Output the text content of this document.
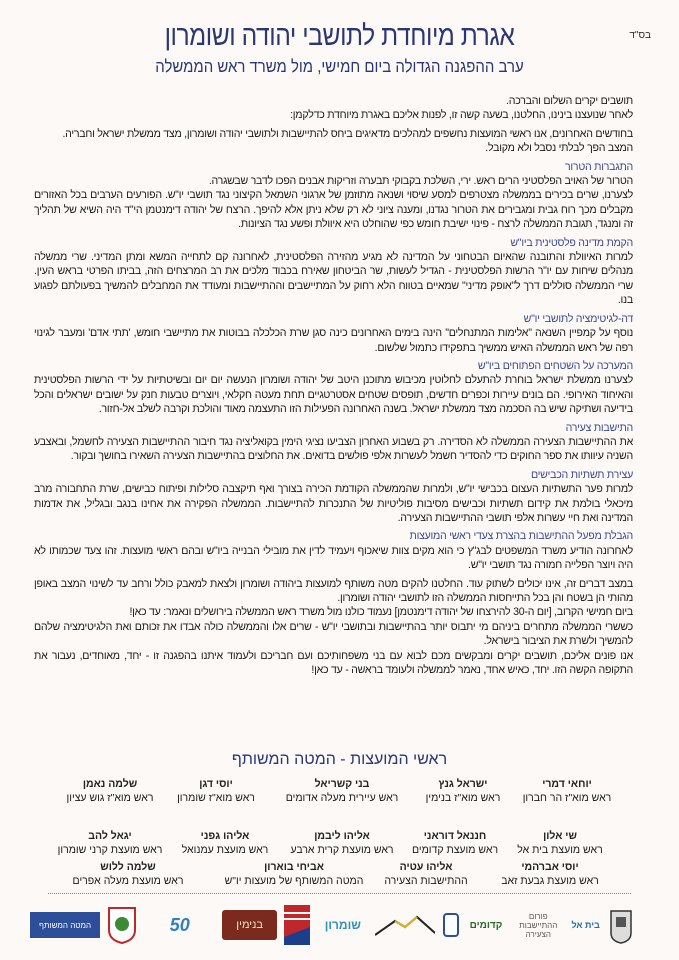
בס"ד
אגרת מיוחדת לתושבי יהודה ושומרון
ערב ההפגנה הגדולה ביום חמישי, מול משרד ראש הממשלה

תושבים יקרים השלום והברכה.

לאחר שנועצנו בינינו, החלטנו, בשעה קשה זו, לפנות אליכם באגרת מיוחדת כדלקמן:

בחודשים האחרונים, אנו ראשי המועצות נחשפים למהלכים מדאיגים ביחס להתיישבות ולתושבי יהודה ושומרון, מצד ממשלת ישראל וחבריה.

המצב הפך לבלתי נסבל ולא מקובל.

התגברות הטרור

הטרור של האויב הפלסטיני הרים ראש. ירי, השלכת בקבוקי תבערה וזריקות אבנים הפכו לדבר שבשגרה.

לצערנו, שרים בכירים בממשלה מצטרפים למסע שיסוי ושנאה מתוזמן של ארגוני השמאל הקיצוני נגד תושבי יו"ש. הפורעים הערבים בכל האזורים מקבלים מכך רוח גבית ומגבירים את הטרור נגדנו, ומענה ציוני לא רק שלא ניתן אלא להיפך. הרצח של יהודה דימנטמן הי"ד היה השיא של תהליך זה ומנגד, תגובת הממשלה לרצח - פינוי ישיבת חומש כפי שהוחלט היא איוולת ופשע נגד הציונות.

הקמת מדינה פלסטינית ביו"ש

למרות האיוולת והתובנה שהאיום הבטחוני על המדינה לא מגיע מהזירה הפלסטינית, לאחרונה קם לתחייה המשא ומתן המדיני. שרי ממשלה מנהלים שיחות עם יו"ר הרשות הפלסטינית - הגדיל לעשות, שר הביטחון שאירח בכבוד מלכים את רב המרצחים הזה, בביתו הפרטי בראש העין. שרי הממשלה סוללים דרך ל"אופק מדיני" שמאיים בטווח הלא רחוק על המתיישבים וההתיישבות ומעודד את המחבלים להמשיך בפעולתם לפגוע בנו.

דה-לגיטימציה לתושבי יו"ש

נוסף על קמפיין השנאה "אלימות המתנחלים" הינה בימים האחרונים כינה סגן שרת הכלכלה בבוטות את מתיישבי חומש, 'תתי אדם' ומעבר לגינוי רפה של ראש הממשלה האיש ממשיך בתפקידו כתמול שלשום.

המערכה על השטחים הפתוחים ביו"ש

לצערנו ממשלת ישראל בוחרת להתעלם לחלוטין מכיבוש מתוכנן היטב של יהודה ושומרון הנעשה יום יום ובשיטתיות על ידי הרשות הפלסטינית והאיחוד האירופי. הם בונים עיירות וכפרים חדשים, תופסים שטחים אסטרטגיים תחת מעטה חקלאי, ויוצרים טבעות חנק על ישובים ישראלים והכל בידיעה ושתיקה שיש בה הסכמה מצד ממשלת ישראל. בשנה האחרונה הפעילות הזו התעצמה מאוד והולכת וקרבה לשלב אל-חזור.

התישבות צעירה

את ההתיישבות הצעירה הממשלה לא הסדירה. רק בשבוע האחרון הצביעו נציגי הימין בקואליציה נגד חיבור ההתיישבות הצעירה לחשמל, ובאצבע השניה עיוותו את ספר החוקים כדי להסדיר חשמל לעשרות אלפי פולשים בדואים. את החלוצים בהתיישבות הצעירה השאירו בחושך ובקור.

עצירת תשתיות הכבישים

למרות פער התשתיות העצום בכבישי יו"ש, ולמרות שהממשלה הקודמת הכירה בצורך ואף תיקצבה סלילות ופיתוח כבישים, שרת התחבורה מרב מיכאלי בולמת את קידום תשתיות וכבישים מסיבות פוליטיות של התנכרות להתיישבות. הממשלה הפקירה את אחינו בנגב ובגליל, את אדמות המדינה ואת חיי עשרות אלפי תושבי ההתיישבות הצעירה.

הגבלת מפעל ההתישבות בהצרת צעדי ראשי המועצות

לאחרונה הודיע משרד המשפטים לבג"ץ כי הוא מקים צוות שיאכוף ויעמיד לדין את מובילי הבנייה ביו"ש ובהם ראשי מועצות. זהו צעד שכמותו לא היה ויוצר הפלייה חמורה נגד תושבי יו"ש.

במצב דברים זה, אינו יכולים לשתוק עוד. החלטנו להקים מטה משותף למועצות ביהודה ושומרון ולצאת למאבק כולל ורחב עד לשינוי המצב באופן מהותי הן בשטח והן בכל התייחסות הממשלה הזו לתושבי יהודה ושומרון.

ביום חמישי הקרוב, [יום ה-30 להירצחו של יהודה דימנטמן] נעמוד כולנו מול משרד ראש הממשלה בירושלים ונאמר: עד כאן!

כששרי הממשלה מתחרים ביניהם מי יתבוס יותר בהתיישבות ובתושבי יו"ש - שרים אלו והממשלה כולה אבדו את זכותם ואת הלגיטימציה שלהם להמשיך ולשרת את הציבור בישראל.

אנו פונים אליכם, תושבים יקרים ומבקשים מכם לבוא עם בני משפחותיכם ועם חבריכם ולעמוד איתנו בהפגנה זו - יחד, מאוחדים, נעבור את התקופה הקשה הזו. יחד, כאיש אחד, נאמר לממשלה ולעומד בראשה - עד כאן!

ראשי המועצות - המטה המשותף
יוחאי דמרי
ראש מוא"ז הר חברון
ישראל גנץ
ראש מוא"ז בנימין
בני קשריאל
ראש עיירית מעלה אדומים
יוסי דגן
ראש מוא"ז שומרון
שלמה נאמן
ראש מוא"ז גוש עציון
שי אלון
ראש מועצת בית אל
חננאל דוראני
ראש מועצת קדומים
אליהו ליבמן
ראש מועצת קרית ארבע
אליהו גפני
ראש מועצת עמנואל
יגאל להב
ראש מועצת קרני שומרון
יוסי אברהמי
ראש מועצת גבעת זאב
אליהו עטיה
ההתישבות הצעירה
אביחי בוארון
המטה המשותף של מועצות יו"ש
שלמה ללוש
ראש מועצת מעלה אפרים
המטה המשותף	50	בנימין	שומרון	קדומים
פורום ההתיישבות הצעירה
בית אל
